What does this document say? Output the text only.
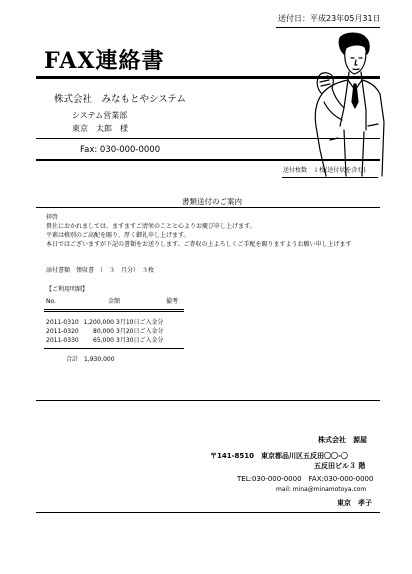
送付日：平成23年05月31日
FAX連絡書
株式会社　みなもとやシステム
システム営業部
東京　太郎　様
Fax: 030-000-0000
送付枚数　１枚(送付状を含む)
書類送付のご案内
拝啓
貴社におかれましては、ますますご清栄のことと心よりお慶び申し上げます。
平素は格別のご高配を賜り、厚く御礼申し上げます。
本日ではございますが下記の書類をお送りします。ご査収の上よろしくご手配を賜りますようお願い申し上げます
添付書類　領収書　（　３　月分）　３枚
【ご利用明細】
No.	金額	備考
2011-0310 1,200,000 3月10日ご入金分
2011-0320 80,000 3月20日ご入金分
2011-0330 65,000 3月30日ご入金分
合計　1,930,000
株式会社　源屋
〒141-8510　東京都品川区五反田〇〇-〇
五反田ビル３ 階
TEL:030-000-0000　FAX:030-000-0000
mail: mina@minamotoya.com
東京　孝子
